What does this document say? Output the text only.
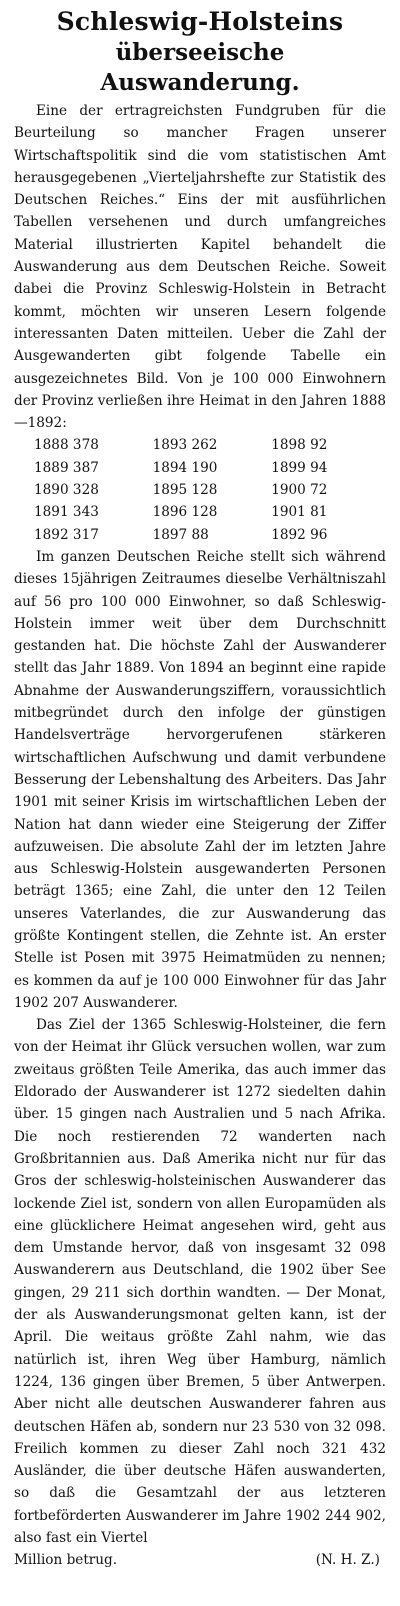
Schleswig-Holsteins
überseeische Auswanderung.

Eine der ertragreichsten Fundgruben für die Beurteilung so mancher Fragen unserer Wirtschaftspolitik sind die vom statistischen Amt herausgegebenen „Vierteljahrshefte zur Statistik des Deutschen Reiches.“ Eins der mit ausführlichen Tabellen versehenen und durch umfangreiches Material illustrierten Kapitel behandelt die Auswanderung aus dem Deutschen Reiche. Soweit dabei die Provinz Schleswig-Holstein in Betracht kommt, möchten wir unseren Lesern folgende interessanten Daten mitteilen. Ueber die Zahl der Ausgewanderten gibt folgende Tabelle ein ausgezeichnetes Bild. Von je 100 000 Einwohnern der Provinz verließen ihre Heimat in den Jahren 1888—1892:

1888 378	1893 262	1898 92
1889 387	1894 190	1899 94
1890 328	1895 128	1900 72
1891 343	1896 128	1901 81
1892 317	1897 88	1892 96

Im ganzen Deutschen Reiche stellt sich während dieses 15jährigen Zeitraumes dieselbe Verhältniszahl auf 56 pro 100 000 Einwohner, so daß Schleswig-Holstein immer weit über dem Durchschnitt gestanden hat. Die höchste Zahl der Auswanderer stellt das Jahr 1889. Von 1894 an beginnt eine rapide Abnahme der Auswanderungsziffern, voraussichtlich mitbegründet durch den infolge der günstigen Handelsverträge hervorgerufenen stärkeren wirtschaftlichen Aufschwung und damit verbundene Besserung der Lebenshaltung des Arbeiters. Das Jahr 1901 mit seiner Krisis im wirtschaftlichen Leben der Nation hat dann wieder eine Steigerung der Ziffer aufzuweisen. Die absolute Zahl der im letzten Jahre aus Schleswig-Holstein ausgewanderten Personen beträgt 1365; eine Zahl, die unter den 12 Teilen unseres Vaterlandes, die zur Auswanderung das größte Kontingent stellen, die Zehnte ist. An erster Stelle ist Posen mit 3975 Heimatmüden zu nennen; es kommen da auf je 100 000 Einwohner für das Jahr 1902 207 Auswanderer.

Das Ziel der 1365 Schleswig-Holsteiner, die fern von der Heimat ihr Glück versuchen wollen, war zum zweitaus größten Teile Amerika, das auch immer das Eldorado der Auswanderer ist 1272 siedelten dahin über. 15 gingen nach Australien und 5 nach Afrika. Die noch restierenden 72 wanderten nach Großbritannien aus. Daß Amerika nicht nur für das Gros der schleswig-holsteinischen Auswanderer das lockende Ziel ist, sondern von allen Europamüden als eine glücklichere Heimat angesehen wird, geht aus dem Umstande hervor, daß von insgesamt 32 098 Auswanderern aus Deutschland, die 1902 über See gingen, 29 211 sich dorthin wandten. — Der Monat, der als Auswanderungsmonat gelten kann, ist der April. Die weitaus größte Zahl nahm, wie das natürlich ist, ihren Weg über Hamburg, nämlich 1224, 136 gingen über Bremen, 5 über Antwerpen. Aber nicht alle deutschen Auswanderer fahren aus deutschen Häfen ab, sondern nur 23 530 von 32 098. Freilich kommen zu dieser Zahl noch 321 432 Ausländer, die über deutsche Häfen auswanderten, so daß die Gesamtzahl der aus letzteren fortbeförderten Auswanderer im Jahre 1902 244 902, also fast ein Viertel

Million betrug.	(N. H. Z.)
